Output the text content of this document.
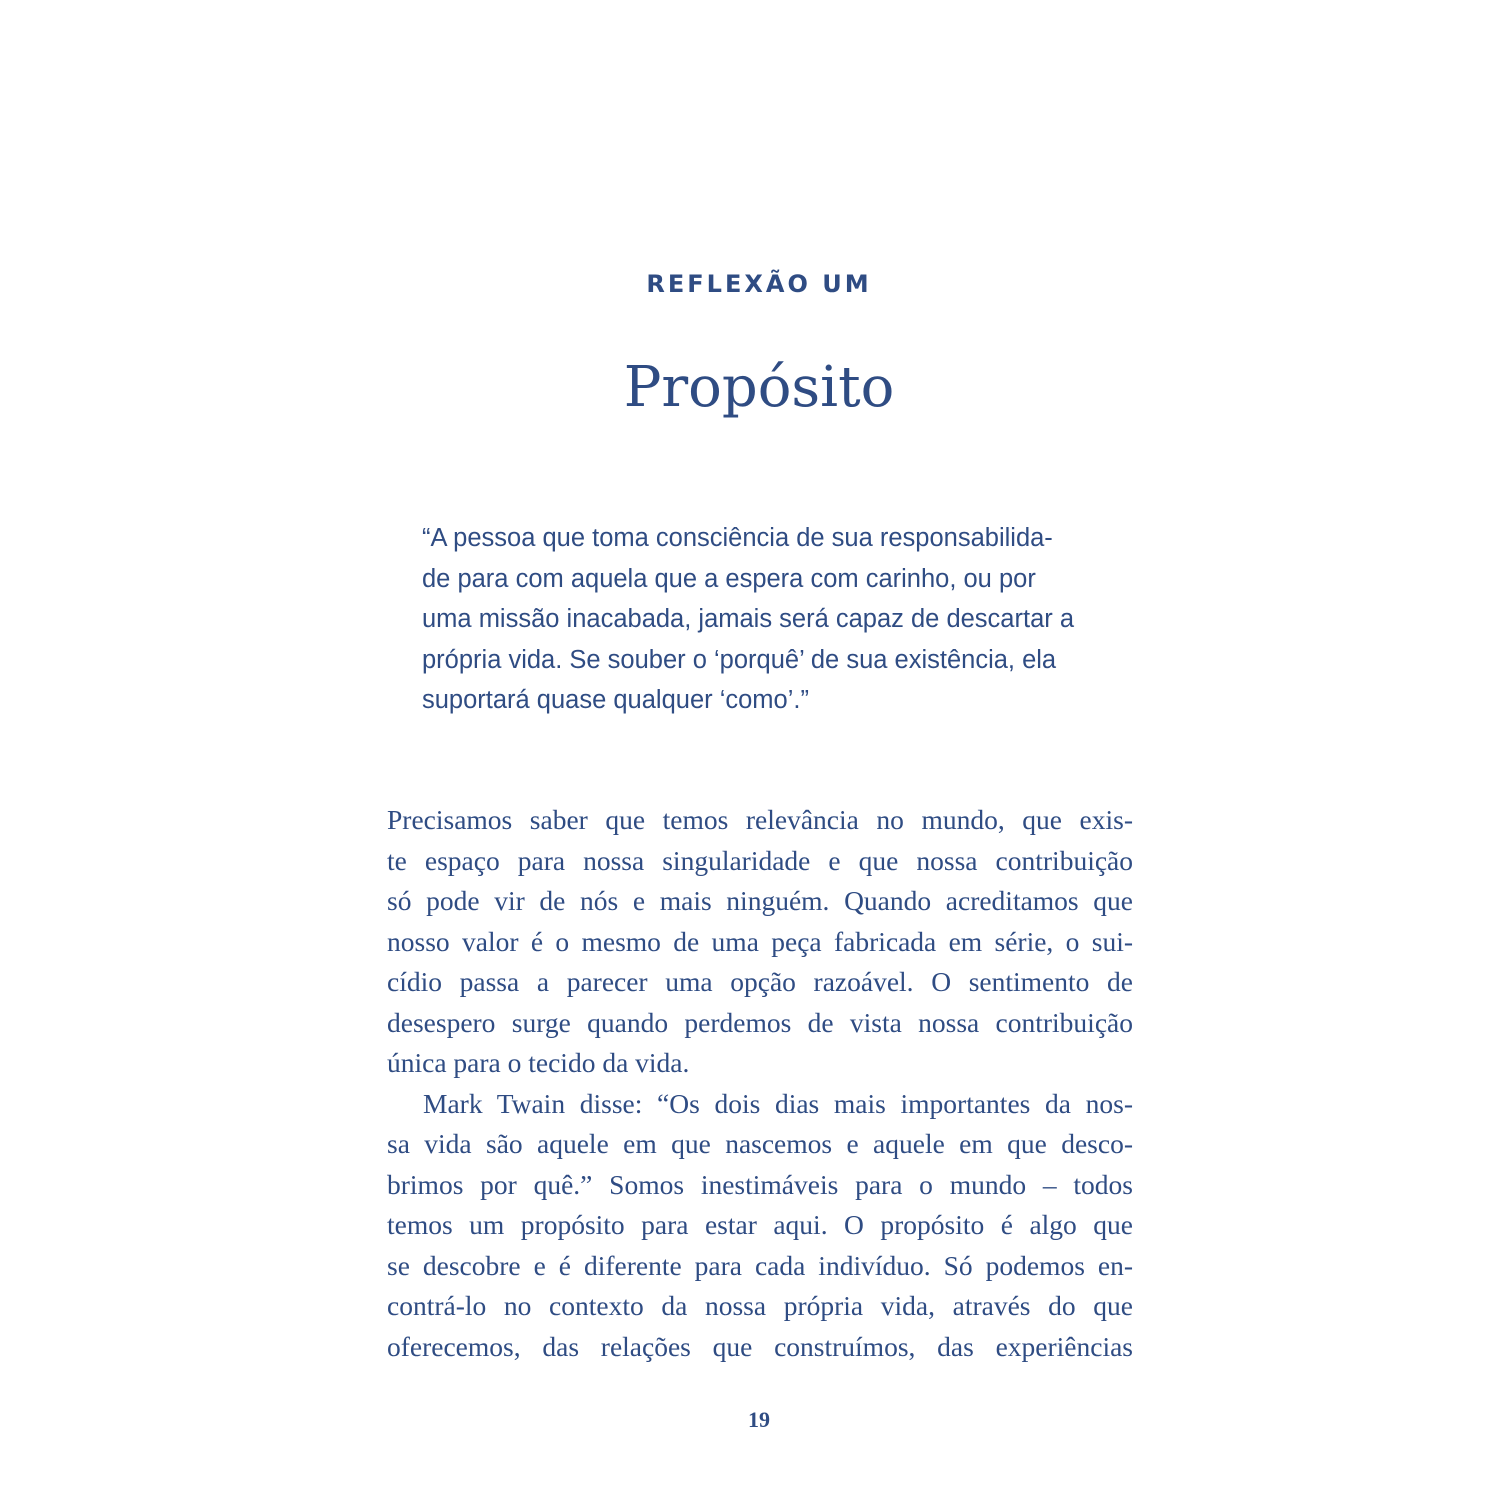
REFLEXÃO UM
Propósito
“A pessoa que toma consciência de sua responsabilida-
de para com aquela que a espera com carinho, ou por
uma missão inacabada, jamais será capaz de descartar a
própria vida. Se souber o ‘porquê’ de sua existência, ela
suportará quase qualquer ‘como’.”
Precisamos saber que temos relevância no mundo, que exis-
te espaço para nossa singularidade e que nossa contribuição
só pode vir de nós e mais ninguém. Quando acreditamos que
nosso valor é o mesmo de uma peça fabricada em série, o sui-
cídio passa a parecer uma opção razoável. O sentimento de
desespero surge quando perdemos de vista nossa contribuição
única para o tecido da vida.
Mark Twain disse: “Os dois dias mais importantes da nos-
sa vida são aquele em que nascemos e aquele em que desco-
brimos por quê.” Somos inestimáveis para o mundo – todos
temos um propósito para estar aqui. O propósito é algo que
se descobre e é diferente para cada indivíduo. Só podemos en-
contrá-lo no contexto da nossa própria vida, através do que
oferecemos, das relações que construímos, das experiências
19
